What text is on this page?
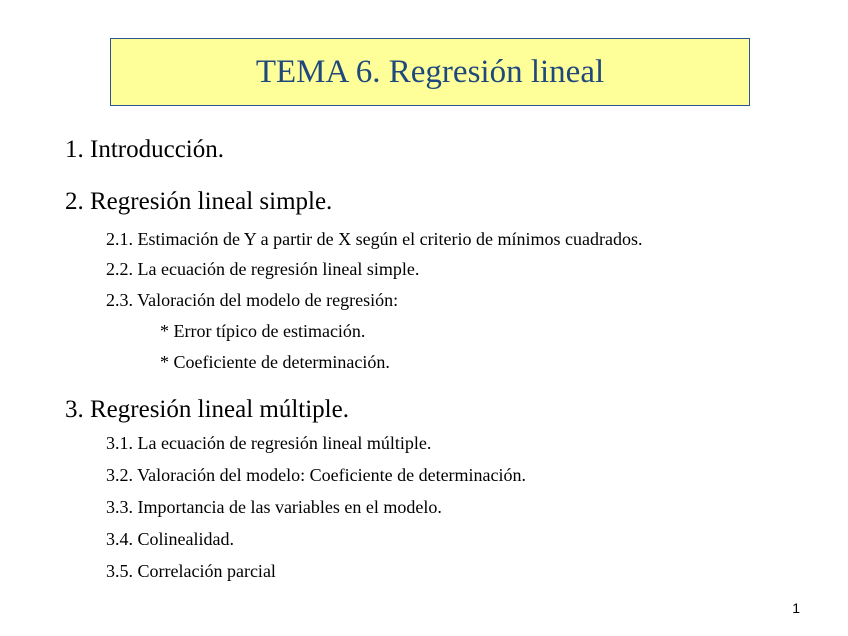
TEMA 6. Regresión lineal
1. Introducción.
2. Regresión lineal simple.
2.1. Estimación de Y a partir de X según el criterio de mínimos cuadrados.
2.2. La ecuación de regresión lineal simple.
2.3. Valoración del modelo de regresión:
* Error típico de estimación.
* Coeficiente de determinación.
3. Regresión lineal múltiple.
3.1. La ecuación de regresión lineal múltiple.
3.2. Valoración del modelo: Coeficiente de determinación.
3.3. Importancia de las variables en el modelo.
3.4. Colinealidad.
3.5. Correlación parcial
1
